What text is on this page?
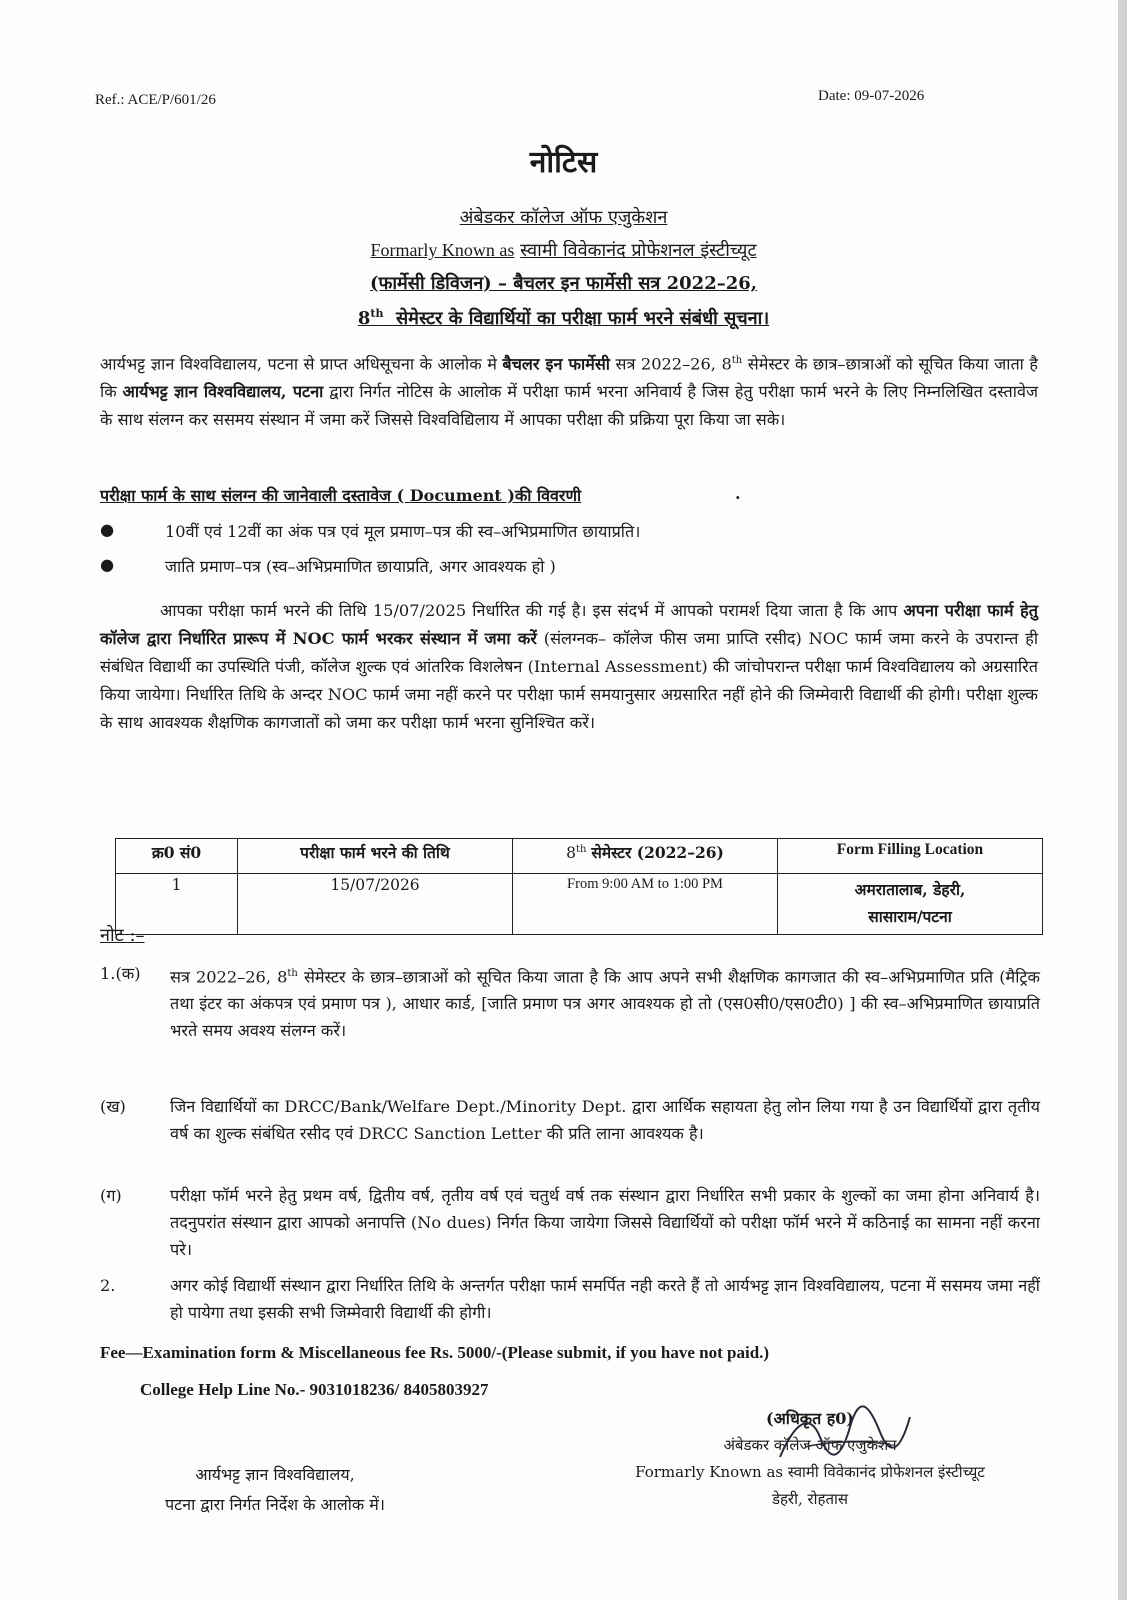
Ref.: ACE/P/601/26	Date: 09-07-2026
नोटिस
अंबेडकर कॉलेज ऑफ एजुकेशन
Formarly Known as स्वामी विवेकानंद प्रोफेशनल इंस्टीच्यूट
(फार्मेसी डिविजन) – बैचलर इन फार्मेसी सत्र 2022–26,
8th सेमेस्टर के विद्यार्थियों का परीक्षा फार्म भरने संबंधी सूचना।
आर्यभट्ट ज्ञान विश्वविद्यालय, पटना से प्राप्त अधिसूचना के आलोक मे बैचलर इन फार्मेसी सत्र 2022–26, 8th सेमेस्टर के छात्र–छात्राओं को सूचित किया जाता है कि आर्यभट्ट ज्ञान विश्वविद्यालय, पटना द्वारा निर्गत नोटिस के आलोक में परीक्षा फार्म भरना अनिवार्य है जिस हेतु परीक्षा फार्म भरने के लिए निम्नलिखित दस्तावेज के साथ संलग्न कर ससमय संस्थान में जमा करें जिससे विश्वविद्यिलाय में आपका परीक्षा की प्रक्रिया पूरा किया जा सके।
परीक्षा फार्म के साथ संलग्न की जानेवाली दस्तावेज ( Document )की विवरणी	.
●	10वीं एवं 12वीं का अंक पत्र एवं मूल प्रमाण–पत्र की स्व–अभिप्रमाणित छायाप्रति।
●	जाति प्रमाण–पत्र (स्व–अभिप्रमाणित छायाप्रति, अगर आवश्यक हो )
आपका परीक्षा फार्म भरने की तिथि 15/07/2025 निर्धारित की गई है। इस संदर्भ में आपको परामर्श दिया जाता है कि आप अपना परीक्षा फार्म हेतु कॉलेज द्वारा निर्धारित प्रारूप में NOC फार्म भरकर संस्थान में जमा करें (संलग्नक– कॉलेज फीस जमा प्राप्ति रसीद) NOC फार्म जमा करने के उपरान्त ही संबंधित विद्यार्थी का उपस्थिति पंजी, कॉलेज शुल्क एवं आंतरिक विशलेषन (Internal Assessment) की जांचोपरान्त परीक्षा फार्म विश्वविद्यालय को अग्रसारित किया जायेगा। निर्धारित तिथि के अन्दर NOC फार्म जमा नहीं करने पर परीक्षा फार्म समयानुसार अग्रसारित नहीं होने की जिम्मेवारी विद्यार्थी की होगी। परीक्षा शुल्क के साथ आवश्यक शैक्षणिक कागजातों को जमा कर परीक्षा फार्म भरना सुनिश्चित करें।
क्र0 सं0	परीक्षा फार्म भरने की तिथि	8th सेमेस्टर (2022–26)	Form Filling Location
1	15/07/2026	From 9:00 AM to 1:00 PM	अमरातालाब, डेहरी,
सासाराम/पटना
नोट :–
1.(क) सत्र 2022–26, 8th सेमेस्टर के छात्र–छात्राओं को सूचित किया जाता है कि आप अपने सभी शैक्षणिक कागजात की स्व–अभिप्रमाणित प्रति (मैट्रिक तथा इंटर का अंकपत्र एवं प्रमाण पत्र ), आधार कार्ड, [जाति प्रमाण पत्र अगर आवश्यक हो तो (एस0सी0/एस0टी0) ] की स्व–अभिप्रमाणित छायाप्रति भरते समय अवश्य संलग्न करें।
(ख)	जिन विद्यार्थियों का DRCC/Bank/Welfare Dept./Minority Dept. द्वारा आर्थिक सहायता हेतु लोन लिया गया है उन विद्यार्थियों द्वारा तृतीय वर्ष का शुल्क संबंधित रसीद एवं DRCC Sanction Letter की प्रति लाना आवश्यक है।
(ग)	परीक्षा फॉर्म भरने हेतु प्रथम वर्ष, द्वितीय वर्ष, तृतीय वर्ष एवं चतुर्थ वर्ष तक संस्थान द्वारा निर्धारित सभी प्रकार के शुल्कों का जमा होना अनिवार्य है। तदनुपरांत संस्थान द्वारा आपको अनापत्ति (No dues) निर्गत किया जायेगा जिससे विद्यार्थियों को परीक्षा फॉर्म भरने में कठिनाई का सामना नहीं करना परे।
2.	अगर कोई विद्यार्थी संस्थान द्वारा निर्धारित तिथि के अन्तर्गत परीक्षा फार्म समर्पित नही करते हैं तो आर्यभट्ट ज्ञान विश्वविद्यालय, पटना में ससमय जमा नहीं हो पायेगा तथा इसकी सभी जिम्मेवारी विद्यार्थी की होगी।
Fee—Examination form & Miscellaneous fee Rs. 5000/-(Please submit, if you have not paid.)
College Help Line No.- 9031018236/ 8405803927
आर्यभट्ट ज्ञान विश्वविद्यालय,
पटना द्वारा निर्गत निर्देश के आलोक में।
(अधिकृत ह0)
अंबेडकर कॉलेज ऑफ एजुकेशन
Formarly Known as स्वामी विवेकानंद प्रोफेशनल इंस्टीच्यूट
डेहरी, रोहतास
